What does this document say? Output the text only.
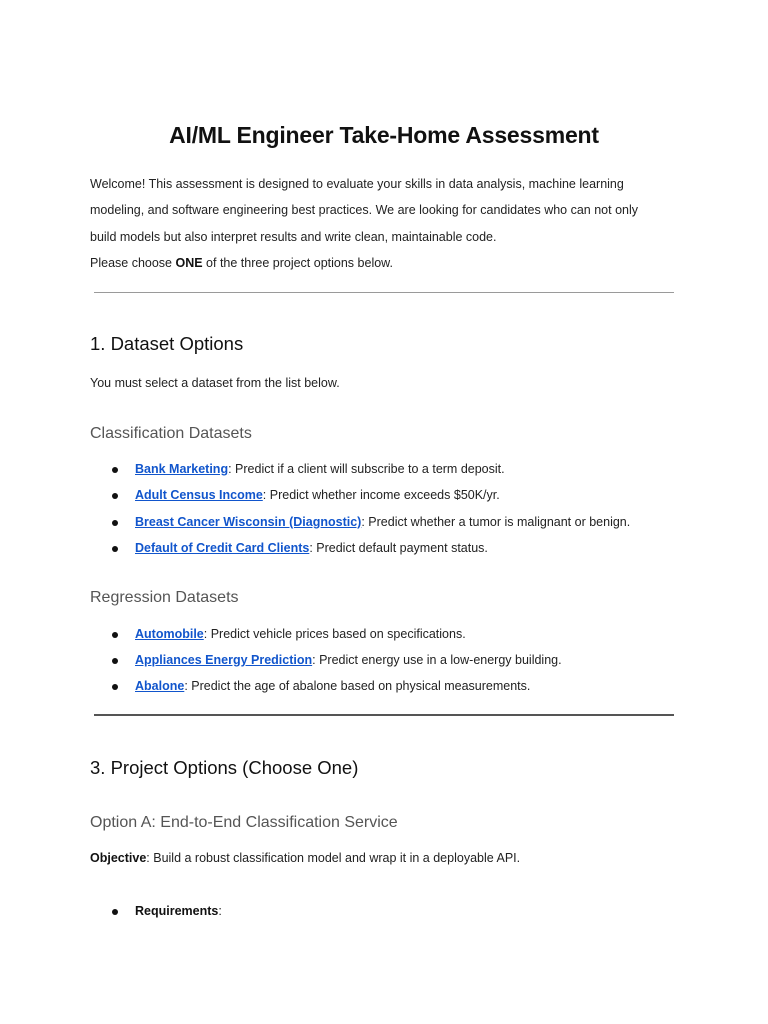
AI/ML Engineer Take-Home Assessment
Welcome! This assessment is designed to evaluate your skills in data analysis, machine learning
modeling, and software engineering best practices. We are looking for candidates who can not only
build models but also interpret results and write clean, maintainable code.
Please choose ONE of the three project options below.
1. Dataset Options
You must select a dataset from the list below.
Classification Datasets
Bank Marketing: Predict if a client will subscribe to a term deposit.
Adult Census Income: Predict whether income exceeds $50K/yr.
Breast Cancer Wisconsin (Diagnostic): Predict whether a tumor is malignant or benign.
Default of Credit Card Clients: Predict default payment status.
Regression Datasets
Automobile: Predict vehicle prices based on specifications.
Appliances Energy Prediction: Predict energy use in a low-energy building.
Abalone: Predict the age of abalone based on physical measurements.
3. Project Options (Choose One)
Option A: End-to-End Classification Service
Objective: Build a robust classification model and wrap it in a deployable API.
Requirements:
